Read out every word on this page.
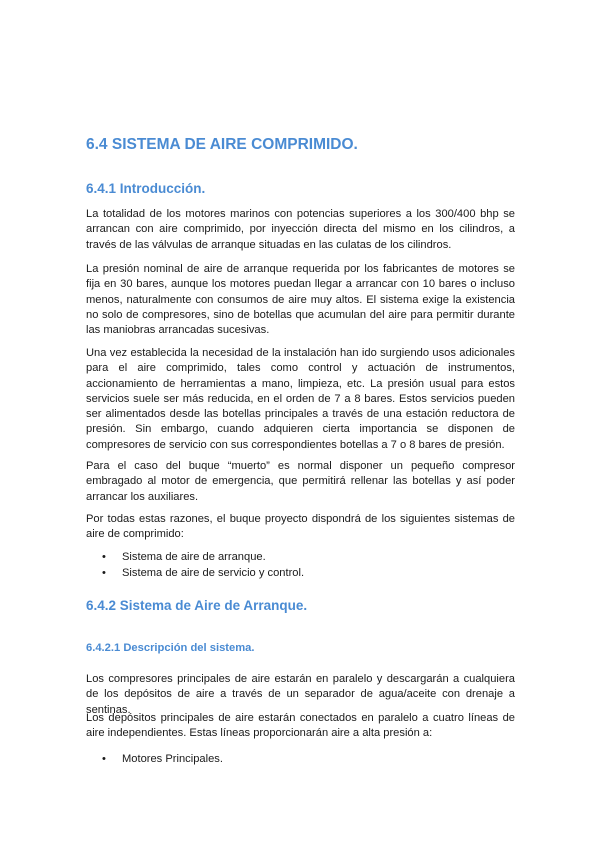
6.4 SISTEMA DE AIRE COMPRIMIDO.
6.4.1 Introducción.

La totalidad de los motores marinos con potencias superiores a los 300/400 bhp se arrancan con aire comprimido, por inyección directa del mismo en los cilindros, a través de las válvulas de arranque situadas en las culatas de los cilindros.

La presión nominal de aire de arranque requerida por los fabricantes de motores se fija en 30 bares, aunque los motores puedan llegar a arrancar con 10 bares o incluso menos, naturalmente con consumos de aire muy altos. El sistema exige la existencia no solo de compresores, sino de botellas que acumulan del aire para permitir durante las maniobras arrancadas sucesivas.

Una vez establecida la necesidad de la instalación han ido surgiendo usos adicionales para el aire comprimido, tales como control y actuación de instrumentos, accionamiento de herramientas a mano, limpieza, etc. La presión usual para estos servicios suele ser más reducida, en el orden de 7 a 8 bares. Estos servicios pueden ser alimentados desde las botellas principales a través de una estación reductora de presión. Sin embargo, cuando adquieren cierta importancia se disponen de compresores de servicio con sus correspondientes botellas a 7 o 8 bares de presión.

Para el caso del buque “muerto” es normal disponer un pequeño compresor embragado al motor de emergencia, que permitirá rellenar las botellas y así poder arrancar los auxiliares.

Por todas estas razones, el buque proyecto dispondrá de los siguientes sistemas de aire de comprimido:

• Sistema de aire de arranque.
• Sistema de aire de servicio y control.
6.4.2 Sistema de Aire de Arranque.
6.4.2.1 Descripción del sistema.

Los compresores principales de aire estarán en paralelo y descargarán a cualquiera de los depósitos de aire a través de un separador de agua/aceite con drenaje a sentinas.

Los depósitos principales de aire estarán conectados en paralelo a cuatro líneas de aire independientes. Estas líneas proporcionarán aire a alta presión a:

• Motores Principales.
